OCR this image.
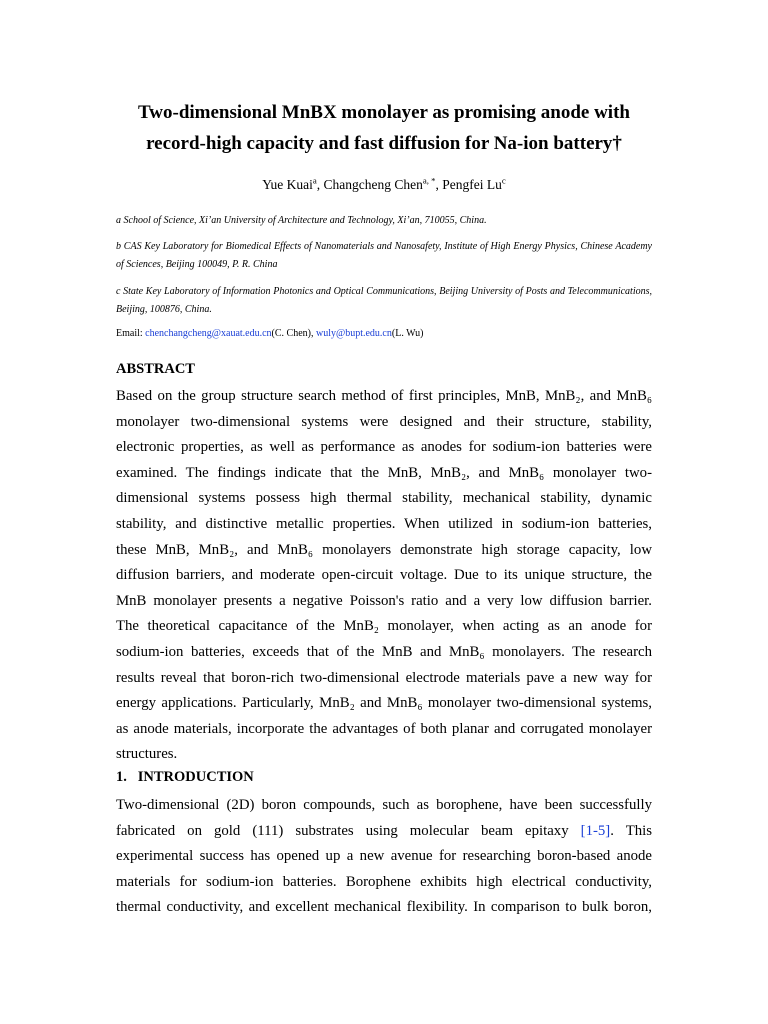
Two-dimensional MnBX monolayer as promising anode with
record-high capacity and fast diffusion for Na-ion battery†
Yue Kuai$^a$, Changcheng Chen$^{a, *}$, Pengfei Lu$^c$
a School of Science, Xi’an University of Architecture and Technology, Xi’an, 710055, China.
b CAS Key Laboratory for Biomedical Effects of Nanomaterials and Nanosafety, Institute of High Energy Physics, Chinese Academy of Sciences, Beijing 100049, P. R. China
c State Key Laboratory of Information Photonics and Optical Communications, Beijing University of Posts and Telecommunications, Beijing, 100876, China.
Email: chenchangcheng@xauat.edu.cn(C. Chen), wuly@bupt.edu.cn(L. Wu)
ABSTRACT
Based on the group structure search method of first principles, MnB, MnB₂, and MnB₆
monolayer two-dimensional systems were designed and their structure, stability,
electronic properties, as well as performance as anodes for sodium-ion batteries were
examined. The findings indicate that the MnB, MnB₂, and MnB₆ monolayer two-
dimensional systems possess high thermal stability, mechanical stability, dynamic
stability, and distinctive metallic properties. When utilized in sodium-ion batteries,
these MnB, MnB₂, and MnB₆ monolayers demonstrate high storage capacity, low
diffusion barriers, and moderate open-circuit voltage. Due to its unique structure, the
MnB monolayer presents a negative Poisson's ratio and a very low diffusion barrier.
The theoretical capacitance of the MnB₂ monolayer, when acting as an anode for
sodium-ion batteries, exceeds that of the MnB and MnB₆ monolayers. The research
results reveal that boron-rich two-dimensional electrode materials pave a new way for
energy applications. Particularly, MnB₂ and MnB₆ monolayer two-dimensional systems,
as anode materials, incorporate the advantages of both planar and corrugated monolayer
structures.
1.   INTRODUCTION
Two-dimensional (2D) boron compounds, such as borophene, have been successfully
fabricated on gold (111) substrates using molecular beam epitaxy [1-5]. This
experimental success has opened up a new avenue for researching boron-based anode
materials for sodium-ion batteries. Borophene exhibits high electrical conductivity,
thermal conductivity, and excellent mechanical flexibility. In comparison to bulk boron,
